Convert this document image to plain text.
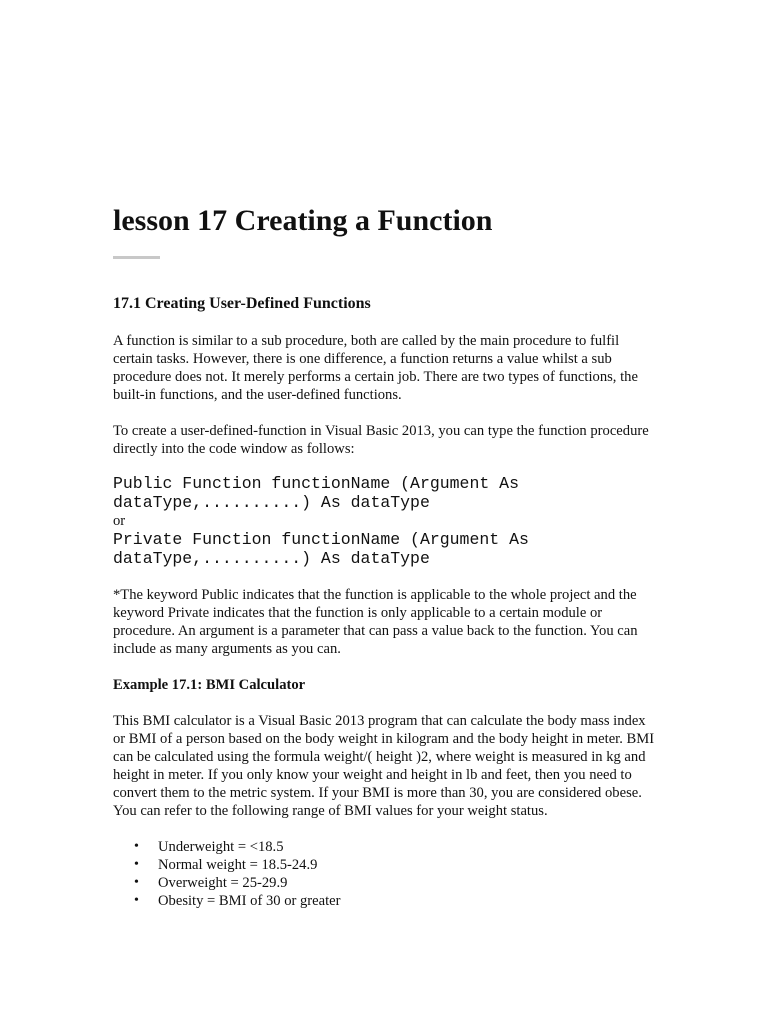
lesson 17 Creating a Function
17.1 Creating User-Defined Functions

A function is similar to a sub procedure, both are called by the main procedure to fulfil certain tasks. However, there is one difference, a function returns a value whilst a sub procedure does not. It merely performs a certain job. There are two types of functions, the built-in functions, and the user-defined functions.

To create a user-defined-function in Visual Basic 2013, you can type the function procedure directly into the code window as follows:

Public Function functionName (Argument As dataType,..........) As dataType

or

Private Function functionName (Argument As dataType,..........) As dataType

*The keyword Public indicates that the function is applicable to the whole project and the keyword Private indicates that the function is only applicable to a certain module or procedure. An argument is a parameter that can pass a value back to the function. You can include as many arguments as you can.

Example 17.1: BMI Calculator

This BMI calculator is a Visual Basic 2013 program that can calculate the body mass index or BMI of a person based on the body weight in kilogram and the body height in meter. BMI can be calculated using the formula weight/( height )2, where weight is measured in kg and height in meter. If you only know your weight and height in lb and feet, then you need to convert them to the metric system. If your BMI is more than 30, you are considered obese. You can refer to the following range of BMI values for your weight status.

• Underweight = <18.5
• Normal weight = 18.5-24.9
• Overweight = 25-29.9
• Obesity = BMI of 30 or greater
